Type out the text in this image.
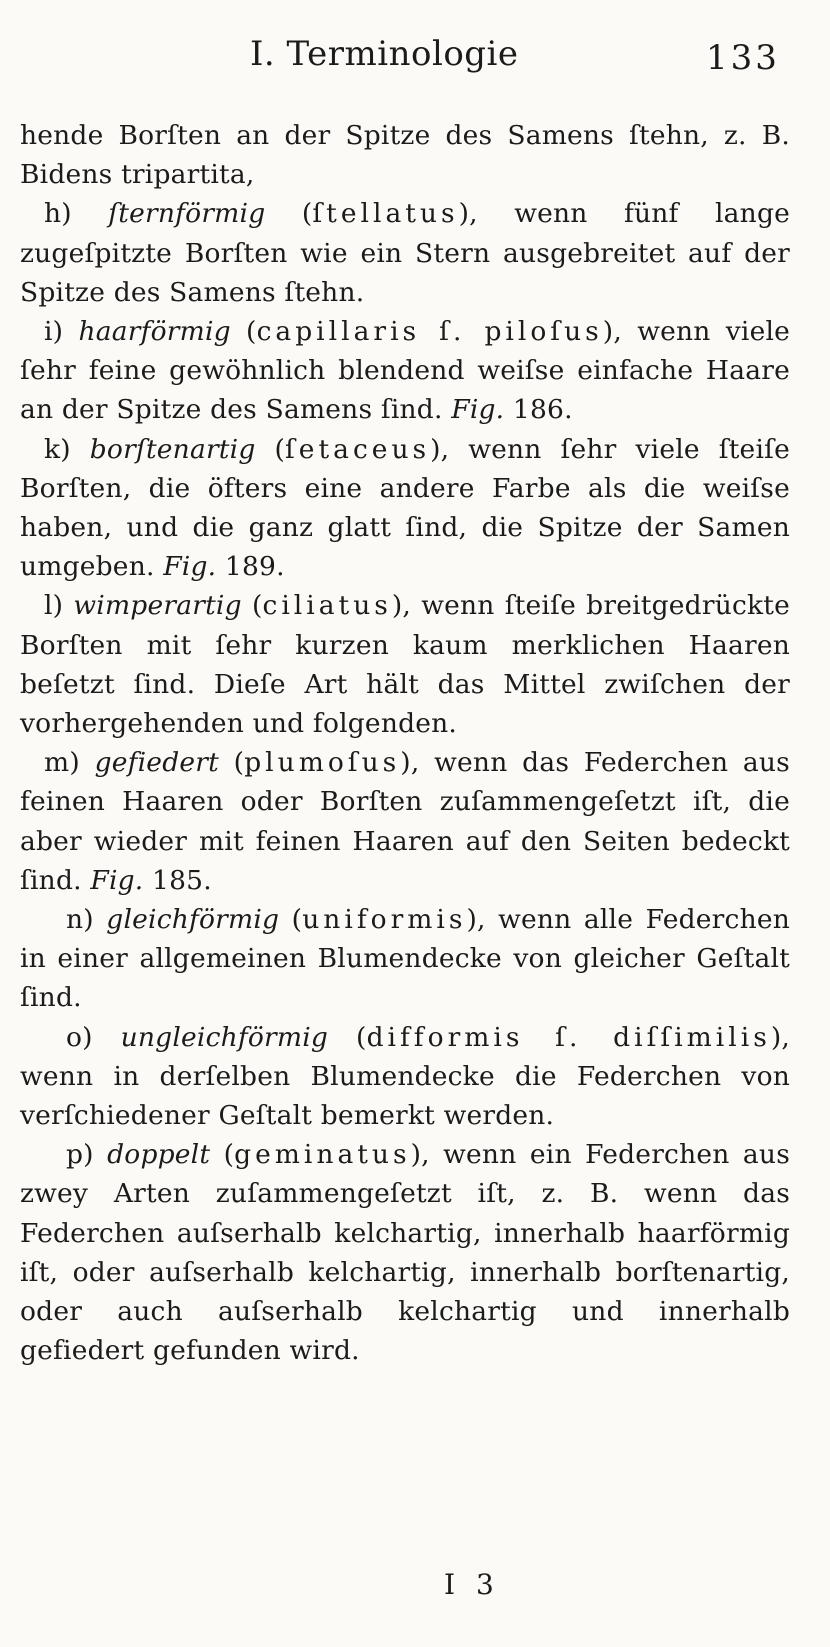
I. Terminologie	133

hende Borſten an der Spitze des Samens ſtehn, z. B. Bidens tripartita,

h) ſternförmig (ſtellatus), wenn fünf lange zugeſpitzte Borſten wie ein Stern ausgebreitet auf der Spitze des Samens ſtehn.

i) haarförmig (capillaris ſ. piloſus), wenn viele ſehr feine gewöhnlich blendend weiſse einfache Haare an der Spitze des Samens ſind. Fig. 186.

k) borſtenartig (ſetaceus), wenn ſehr viele ſteiſe Borſten, die öfters eine andere Farbe als die weiſse haben, und die ganz glatt ſind, die Spitze der Samen umgeben. Fig. 189.

l) wimperartig (ciliatus), wenn ſteiſe breitgedrückte Borſten mit ſehr kurzen kaum merklichen Haaren beſetzt ſind. Dieſe Art hält das Mittel zwiſchen der vorhergehenden und folgenden.

m) gefiedert (plumoſus), wenn das Federchen aus feinen Haaren oder Borſten zuſammengeſetzt iſt, die aber wieder mit feinen Haaren auf den Seiten bedeckt ſind. Fig. 185.

n) gleichförmig (uniformis), wenn alle Federchen in einer allgemeinen Blumendecke von gleicher Geſtalt ſind.

o) ungleichförmig (difformis ſ. diſſimilis), wenn in derſelben Blumendecke die Federchen von verſchiedener Geſtalt bemerkt werden.

p) doppelt (geminatus), wenn ein Federchen aus zwey Arten zuſammengeſetzt iſt, z. B. wenn das Federchen auſserhalb kelchartig, innerhalb haarförmig iſt, oder auſserhalb kelchartig, innerhalb borſtenartig, oder auch auſserhalb kelchartig und innerhalb gefiedert gefunden wird.

I 3
